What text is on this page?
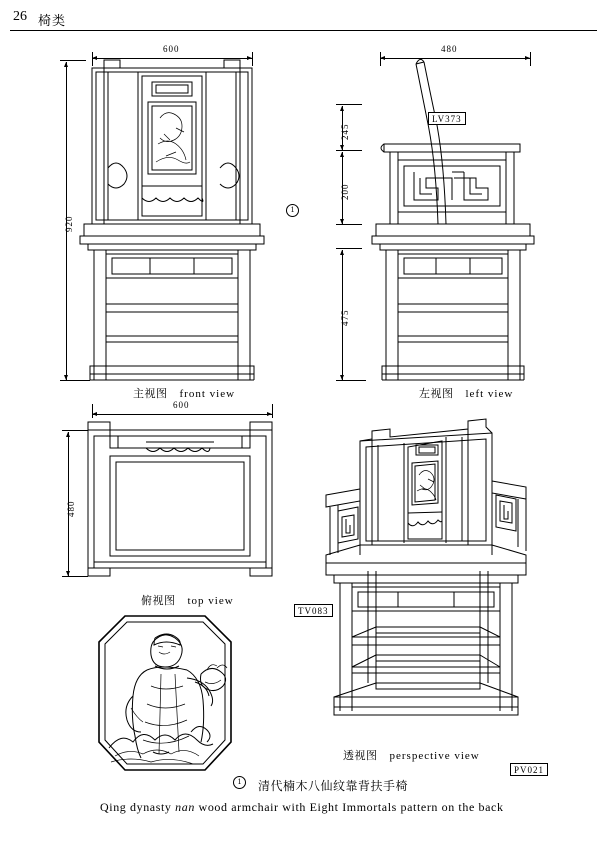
26 椅类
600
920
1
主视图 front view
480
245
200
475
LV373
左视图 left view
600
480
俯视图 top view
TV083
1
透视图 perspective view
PV021
清代楠木八仙纹靠背扶手椅
Qing dynasty nan wood armchair with Eight Immortals pattern on the back
